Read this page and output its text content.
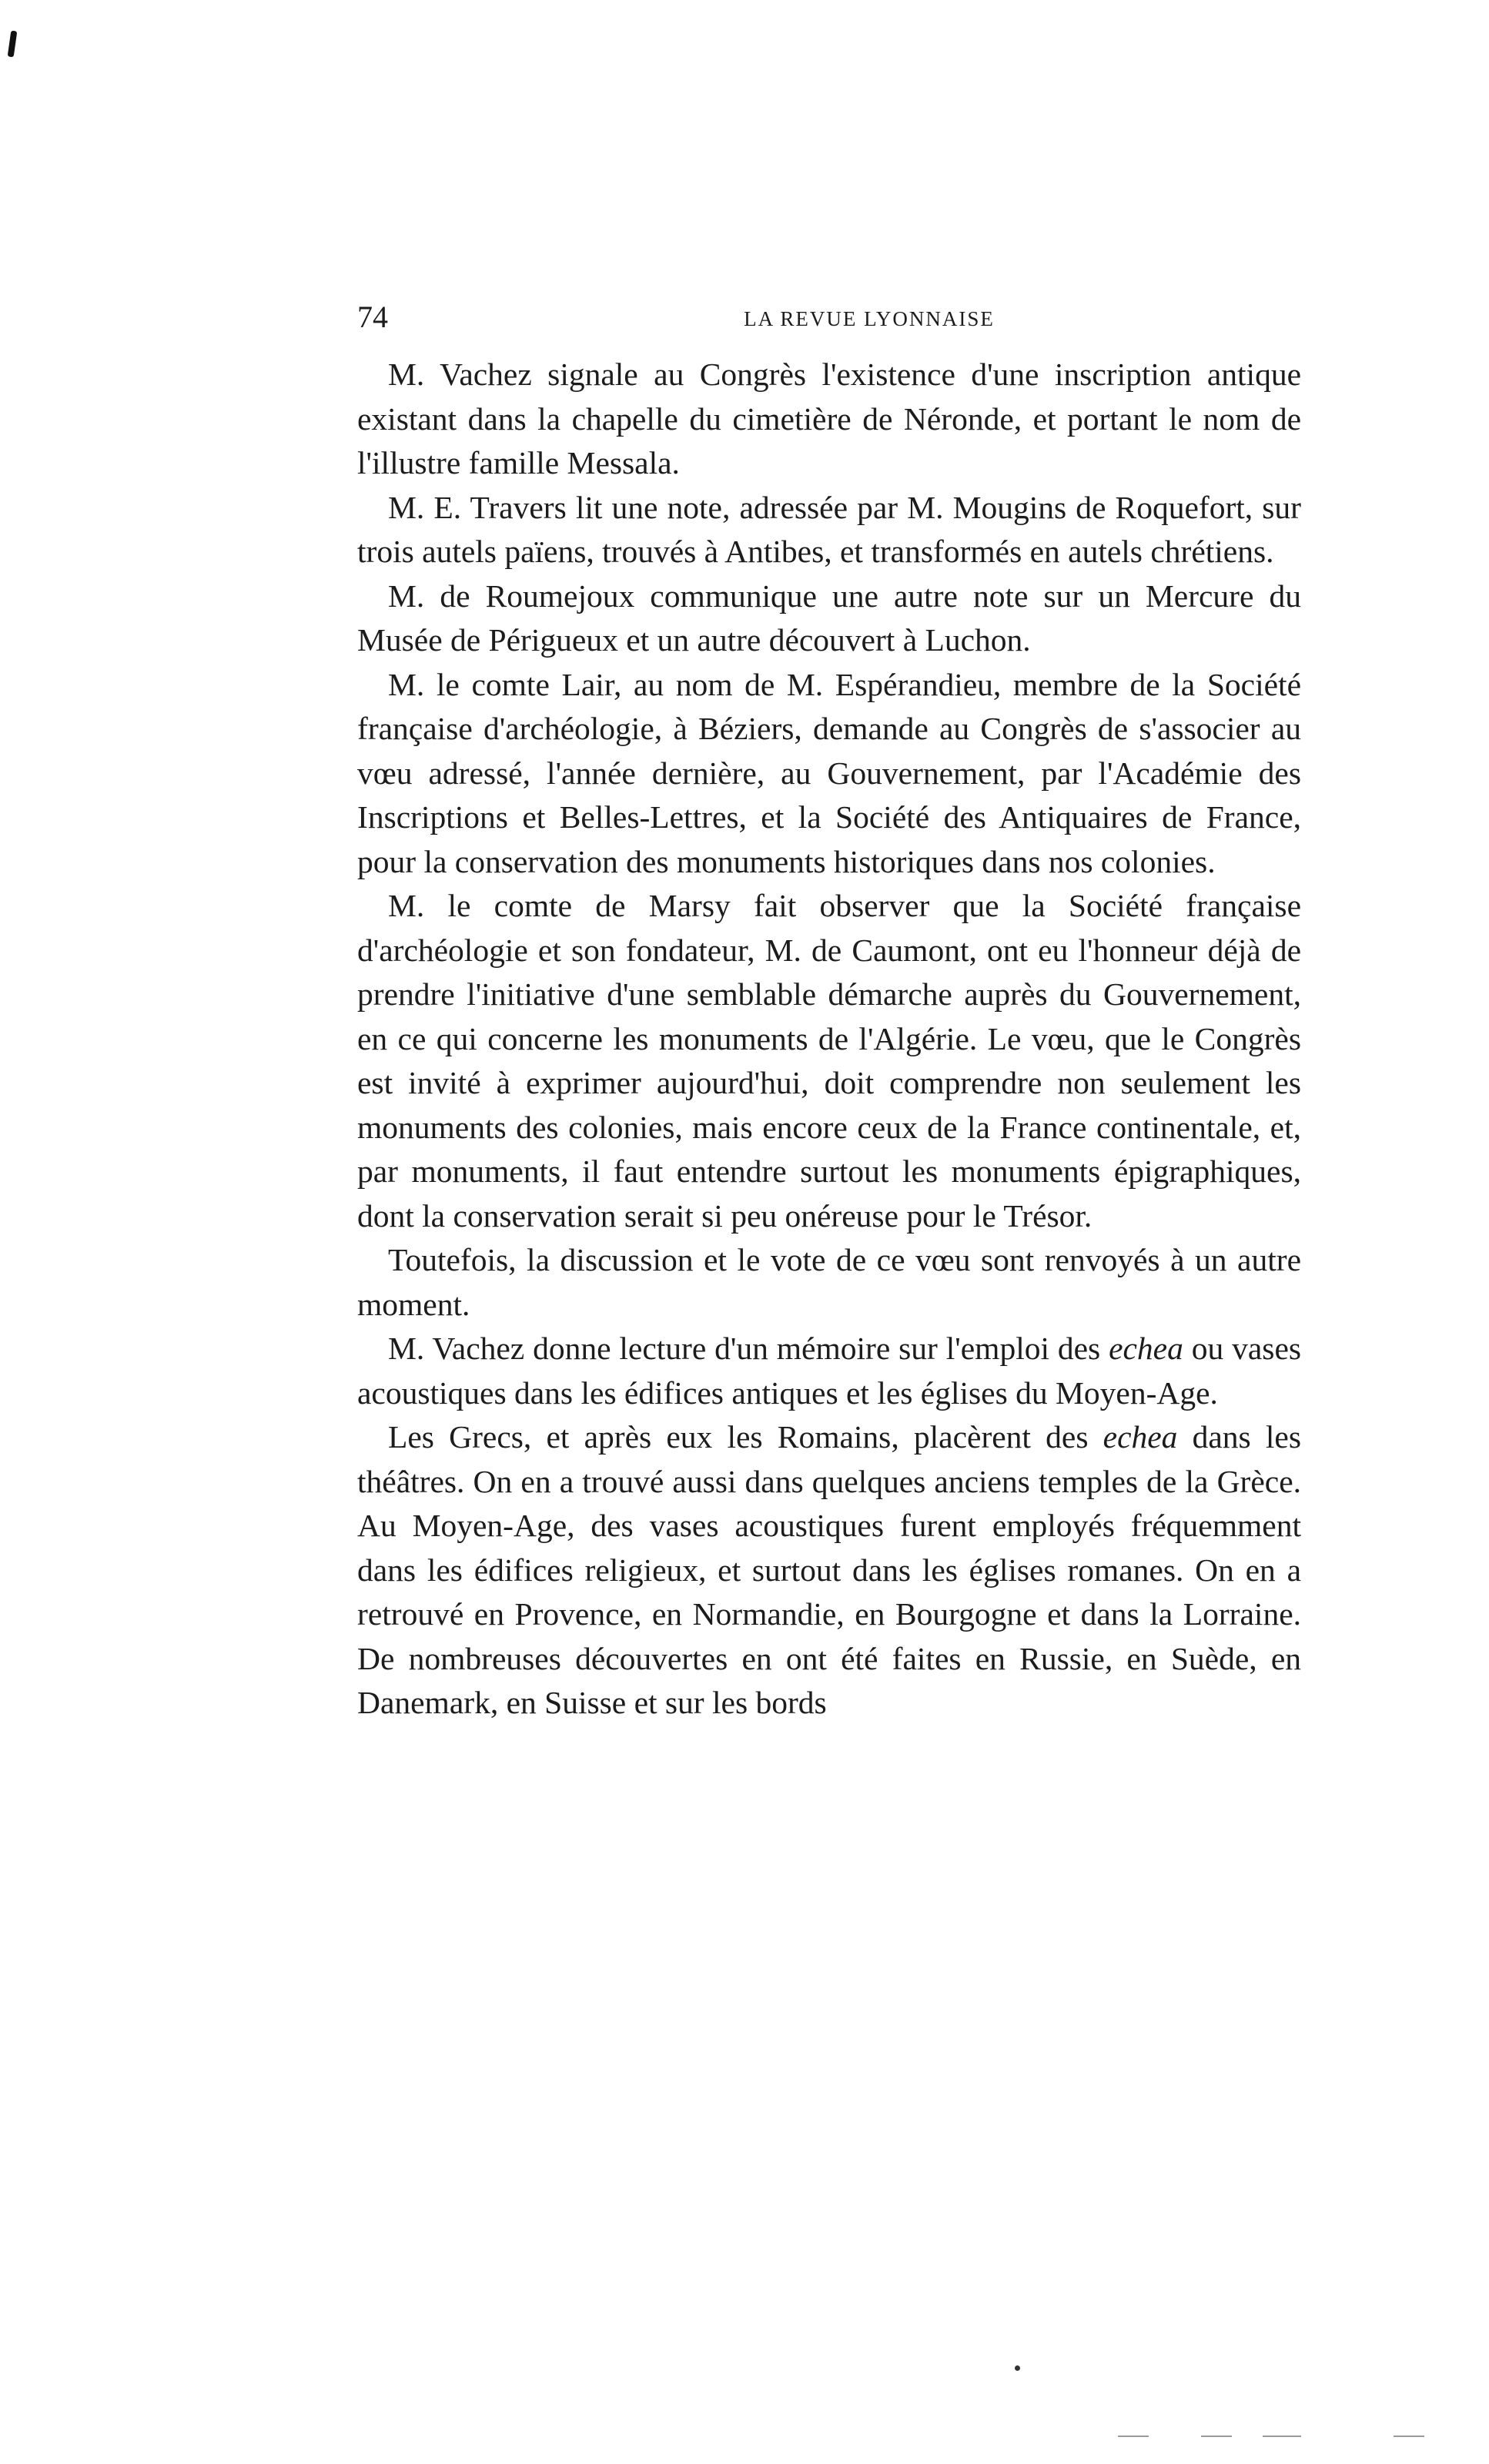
74	LA REVUE LYONNAISE

M. Vachez signale au Congrès l'existence d'une inscription antique existant dans la chapelle du cimetière de Néronde, et portant le nom de l'illustre famille Messala.

M. E. Travers lit une note, adressée par M. Mougins de Roquefort, sur trois autels païens, trouvés à Antibes, et transformés en autels chrétiens.

M. de Roumejoux communique une autre note sur un Mercure du Musée de Périgueux et un autre découvert à Luchon.

M. le comte Lair, au nom de M. Espérandieu, membre de la Société française d'archéologie, à Béziers, demande au Congrès de s'associer au vœu adressé, l'année dernière, au Gouvernement, par l'Académie des Inscriptions et Belles-Lettres, et la Société des Antiquaires de France, pour la conservation des monuments historiques dans nos colonies.

M. le comte de Marsy fait observer que la Société française d'archéologie et son fondateur, M. de Caumont, ont eu l'honneur déjà de prendre l'initiative d'une semblable démarche auprès du Gouvernement, en ce qui concerne les monuments de l'Algérie. Le vœu, que le Congrès est invité à exprimer aujourd'hui, doit comprendre non seulement les monuments des colonies, mais encore ceux de la France continentale, et, par monuments, il faut entendre surtout les monuments épigraphiques, dont la conservation serait si peu onéreuse pour le Trésor.

Toutefois, la discussion et le vote de ce vœu sont renvoyés à un autre moment.

M. Vachez donne lecture d'un mémoire sur l'emploi des echea ou vases acoustiques dans les édifices antiques et les églises du Moyen-Age.

Les Grecs, et après eux les Romains, placèrent des echea dans les théâtres. On en a trouvé aussi dans quelques anciens temples de la Grèce. Au Moyen-Age, des vases acoustiques furent employés fréquemment dans les édifices religieux, et surtout dans les églises romanes. On en a retrouvé en Provence, en Normandie, en Bourgogne et dans la Lorraine. De nombreuses découvertes en ont été faites en Russie, en Suède, en Danemark, en Suisse et sur les bords
